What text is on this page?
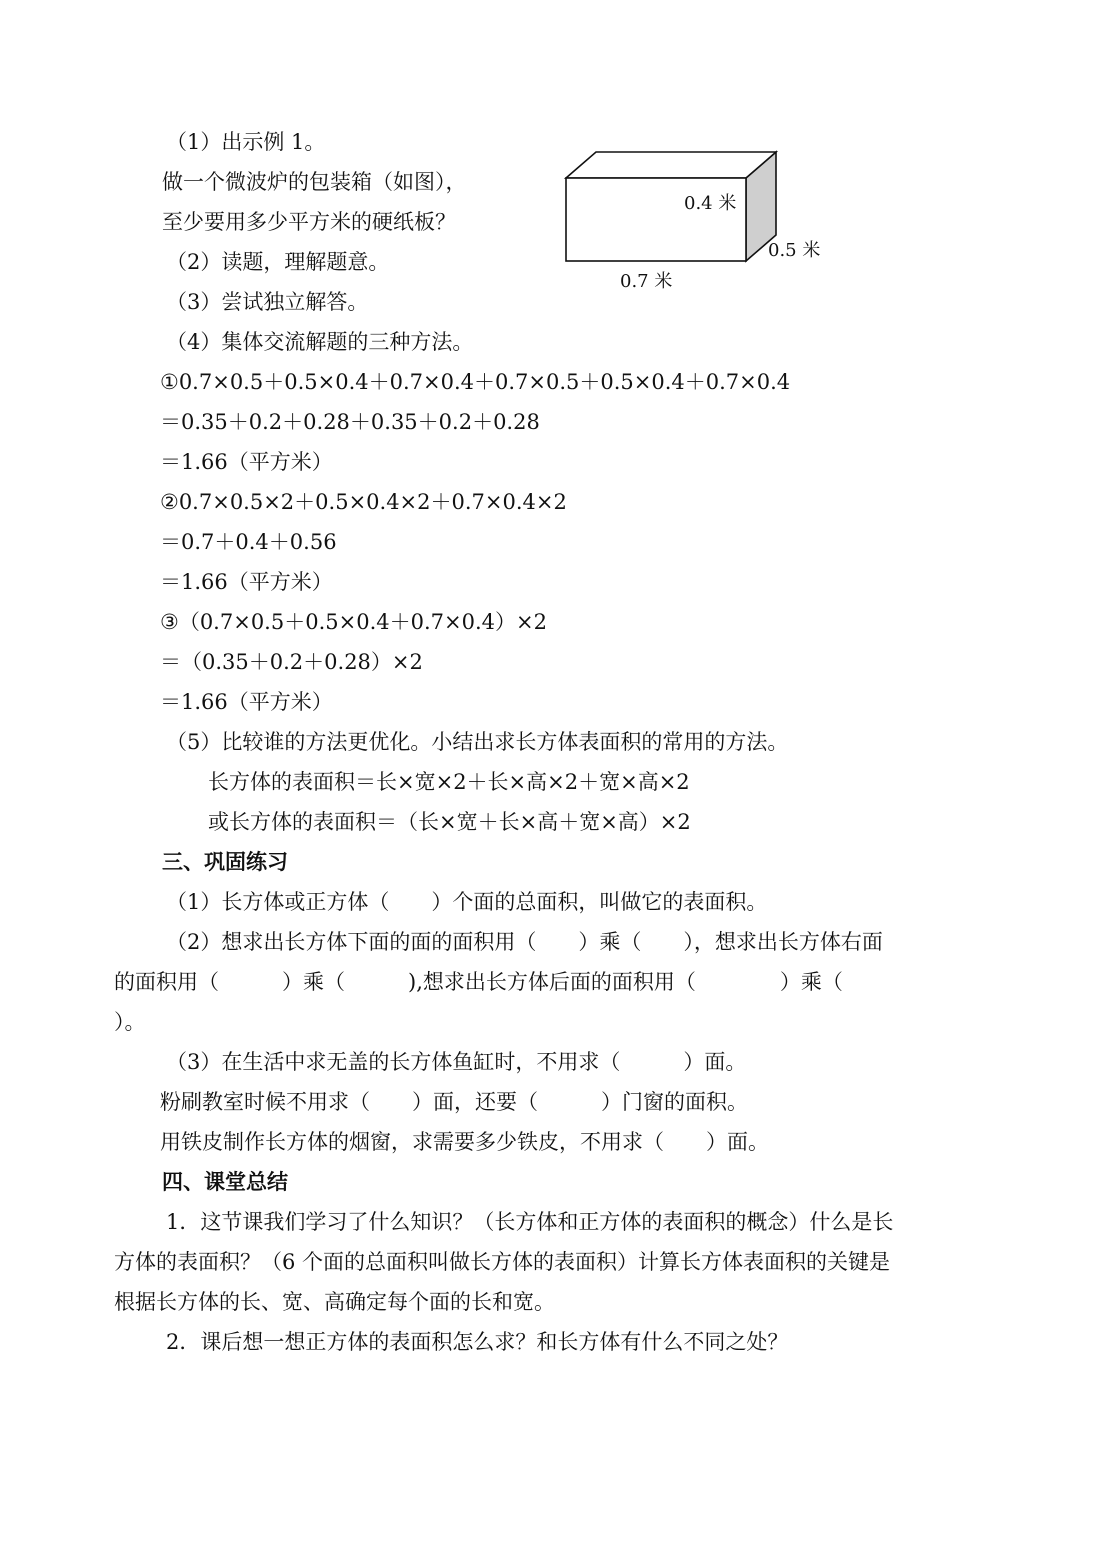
（1）出示例 1。
做一个微波炉的包装箱（如图），
至少要用多少平方米的硬纸板？
（2）读题，理解题意。
（3）尝试独立解答。
（4）集体交流解题的三种方法。
0.4 米
0.5 米
0.7 米
①0.7×0.5＋0.5×0.4＋0.7×0.4＋0.7×0.5＋0.5×0.4＋0.7×0.4
＝0.35＋0.2＋0.28＋0.35＋0.2＋0.28
＝1.66（平方米）
②0.7×0.5×2＋0.5×0.4×2＋0.7×0.4×2
＝0.7＋0.4＋0.56
＝1.66（平方米）
③（0.7×0.5＋0.5×0.4＋0.7×0.4）×2
＝（0.35＋0.2＋0.28）×2
＝1.66（平方米）
（5）比较谁的方法更优化。小结出求长方体表面积的常用的方法。
长方体的表面积＝长×宽×2＋长×高×2＋宽×高×2
或长方体的表面积＝（长×宽＋长×高＋宽×高）×2
三、巩固练习
（1）长方体或正方体（　　）个面的总面积，叫做它的表面积。
（2）想求出长方体下面的面的面积用（　　）乘（　　），想求出长方体右面
的面积用（　　　）乘（　　　),想求出长方体后面的面积用（　　　　）乘（
）。
（3）在生活中求无盖的长方体鱼缸时，不用求（　　　）面。
粉刷教室时候不用求（　　）面，还要（　　　）门窗的面积。
用铁皮制作长方体的烟窗，求需要多少铁皮，不用求（　　）面。
四、课堂总结
1．这节课我们学习了什么知识？（长方体和正方体的表面积的概念）什么是长
方体的表面积？（6 个面的总面积叫做长方体的表面积）计算长方体表面积的关键是
根据长方体的长、宽、高确定每个面的长和宽。
2．课后想一想正方体的表面积怎么求？和长方体有什么不同之处？
